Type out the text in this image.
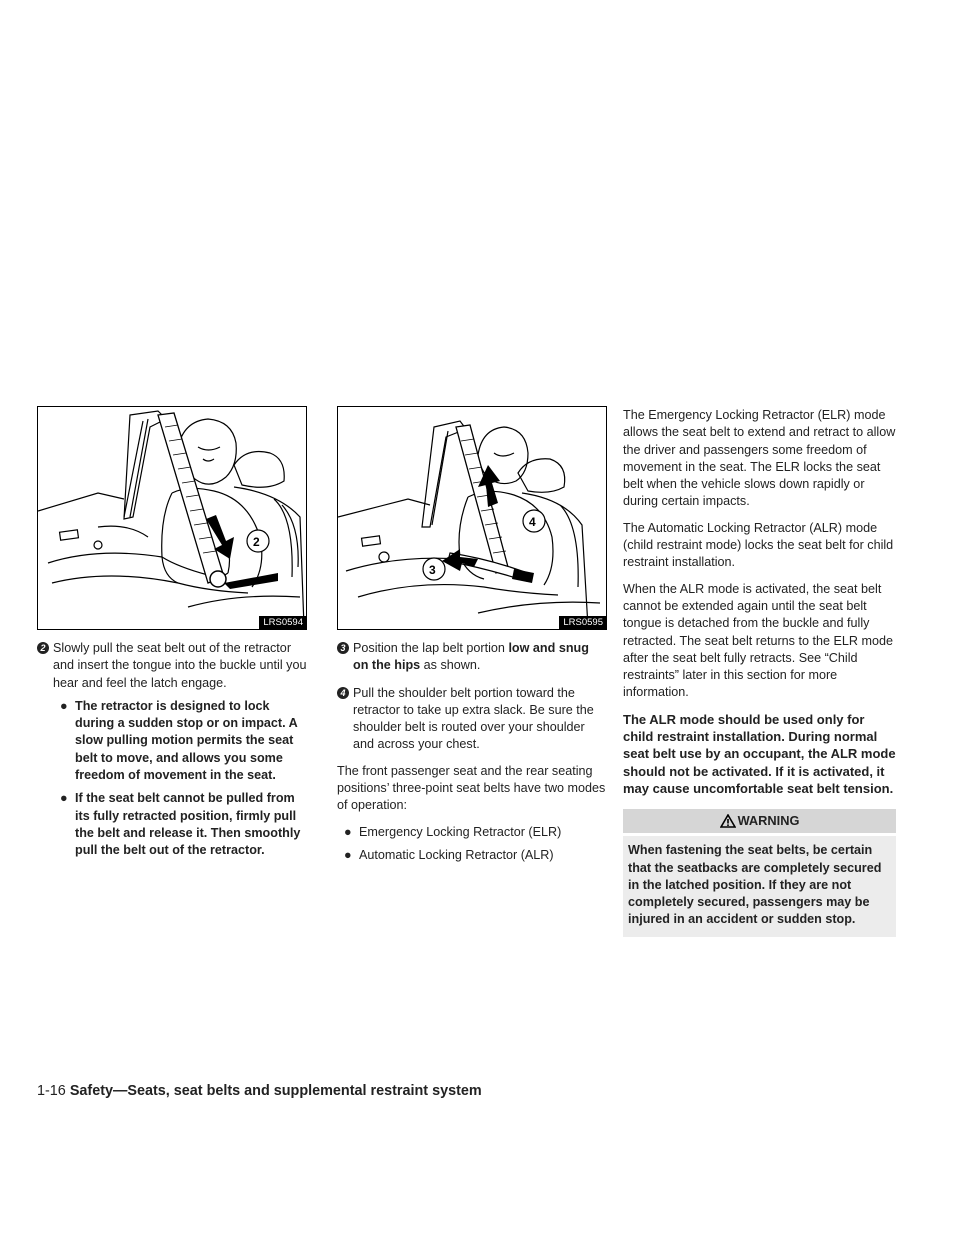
2
LRS0594
2 Slowly pull the seat belt out of the retractor and insert the tongue into the buckle until you hear and feel the latch engage.
● The retractor is designed to lock during a sudden stop or on impact. A slow pulling motion permits the seat belt to move, and allows you some freedom of movement in the seat.
● If the seat belt cannot be pulled from its fully retracted position, firmly pull the belt and release it. Then smoothly pull the belt out of the retractor.
4
3
LRS0595
3 Position the lap belt portion low and snug on the hips as shown.
4 Pull the shoulder belt portion toward the retractor to take up extra slack. Be sure the shoulder belt is routed over your shoulder and across your chest.

The front passenger seat and the rear seating positions’ three-point seat belts have two modes of operation:

● Emergency Locking Retractor (ELR)
● Automatic Locking Retractor (ALR)

The Emergency Locking Retractor (ELR) mode allows the seat belt to extend and retract to allow the driver and passengers some freedom of movement in the seat. The ELR locks the seat belt when the vehicle slows down rapidly or during certain impacts.

The Automatic Locking Retractor (ALR) mode (child restraint mode) locks the seat belt for child restraint installation.

When the ALR mode is activated, the seat belt cannot be extended again until the seat belt tongue is detached from the buckle and fully retracted. The seat belt returns to the ELR mode after the seat belt fully retracts. See “Child restraints” later in this section for more information.

The ALR mode should be used only for child restraint installation. During normal seat belt use by an occupant, the ALR mode should not be activated. If it is activated, it may cause uncomfortable seat belt tension.

WARNING
When fastening the seat belts, be certain that the seatbacks are completely secured in the latched position. If they are not completely secured, passengers may be injured in an accident or sudden stop.
1-16 Safety—Seats, seat belts and supplemental restraint system
